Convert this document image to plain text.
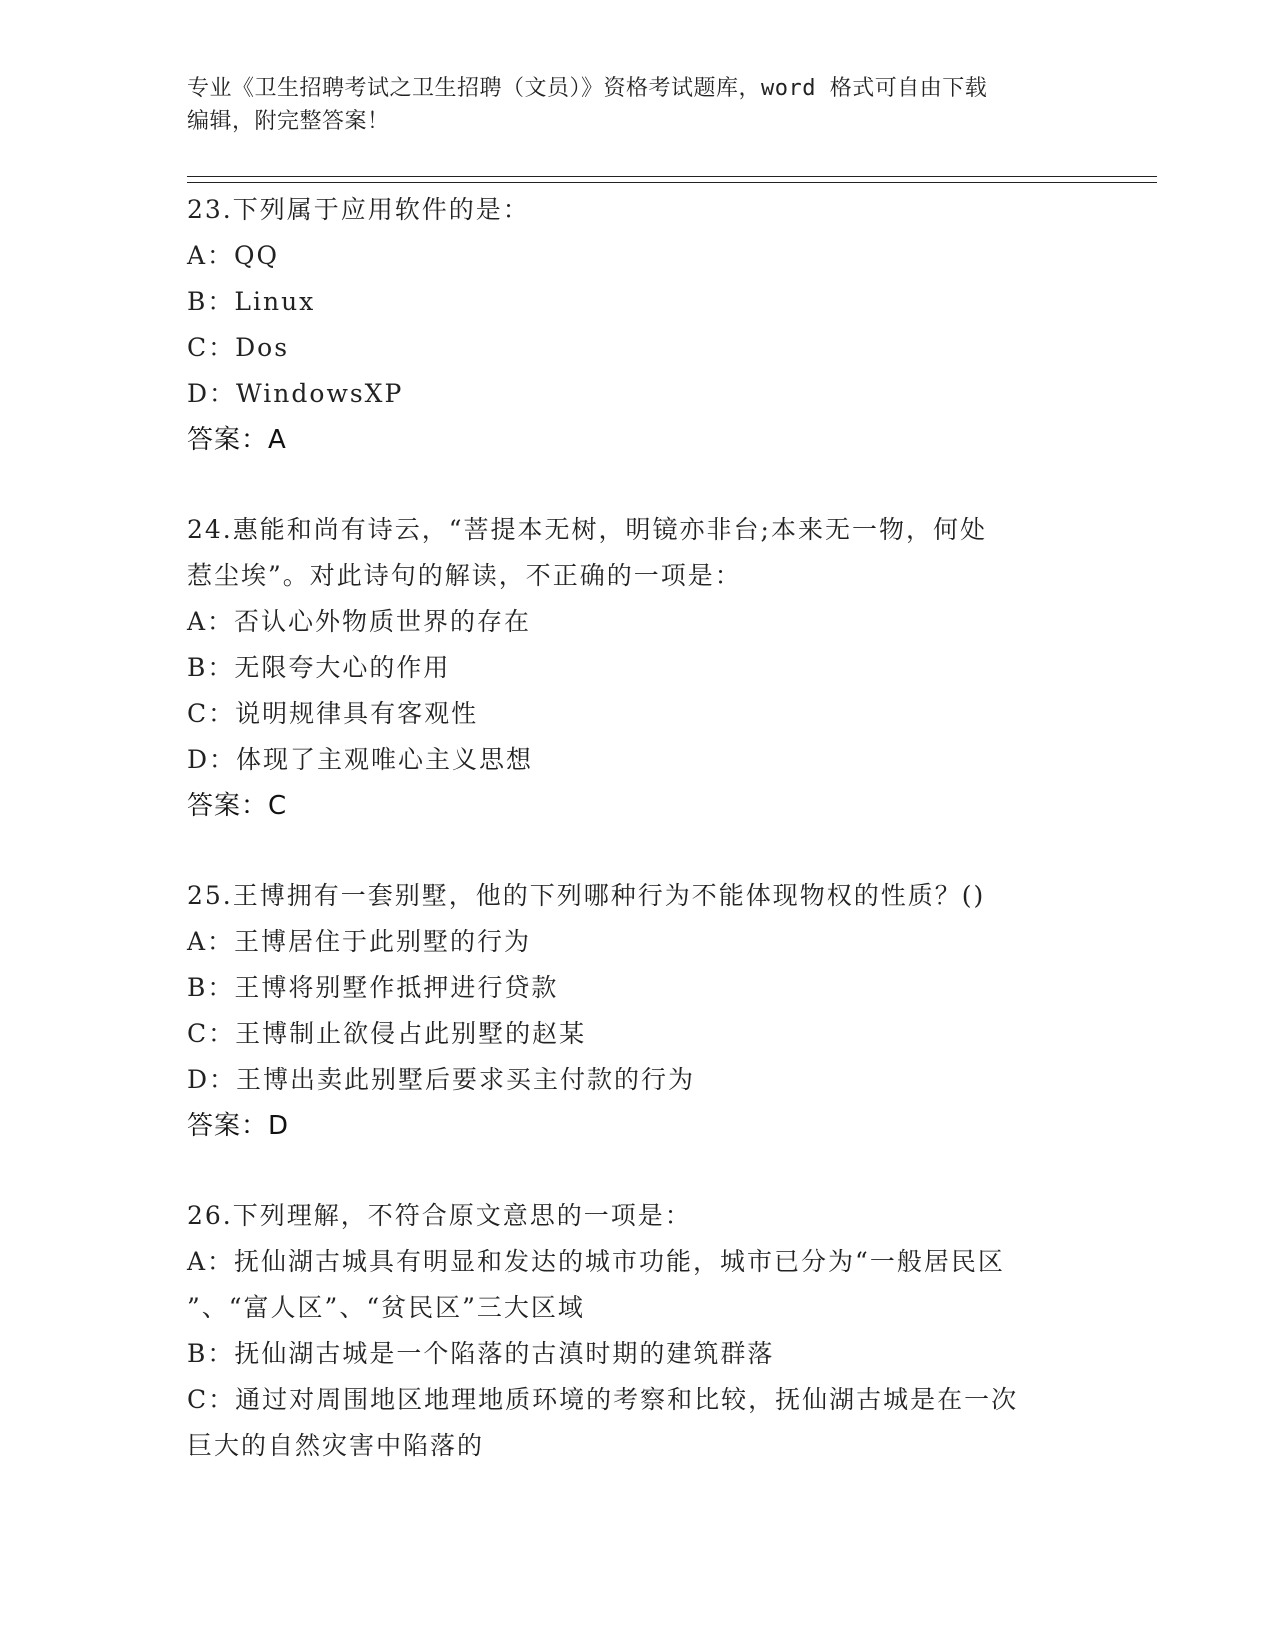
专业《卫生招聘考试之卫生招聘（文员）》资格考试题库，word 格式可自由下载
编辑，附完整答案！
23.下列属于应用软件的是：
A：QQ
B：Linux
C：Dos
D：WindowsXP
答案：A
24.惠能和尚有诗云，“菩提本无树，明镜亦非台;本来无一物，何处
惹尘埃”。对此诗句的解读，不正确的一项是：
A：否认心外物质世界的存在
B：无限夸大心的作用
C：说明规律具有客观性
D：体现了主观唯心主义思想
答案：C
25.王博拥有一套别墅，他的下列哪种行为不能体现物权的性质？()
A：王博居住于此别墅的行为
B：王博将别墅作抵押进行贷款
C：王博制止欲侵占此别墅的赵某
D：王博出卖此别墅后要求买主付款的行为
答案：D
26.下列理解，不符合原文意思的一项是：
A：抚仙湖古城具有明显和发达的城市功能，城市已分为“一般居民区
”、“富人区”、“贫民区”三大区域
B：抚仙湖古城是一个陷落的古滇时期的建筑群落
C：通过对周围地区地理地质环境的考察和比较，抚仙湖古城是在一次
巨大的自然灾害中陷落的
